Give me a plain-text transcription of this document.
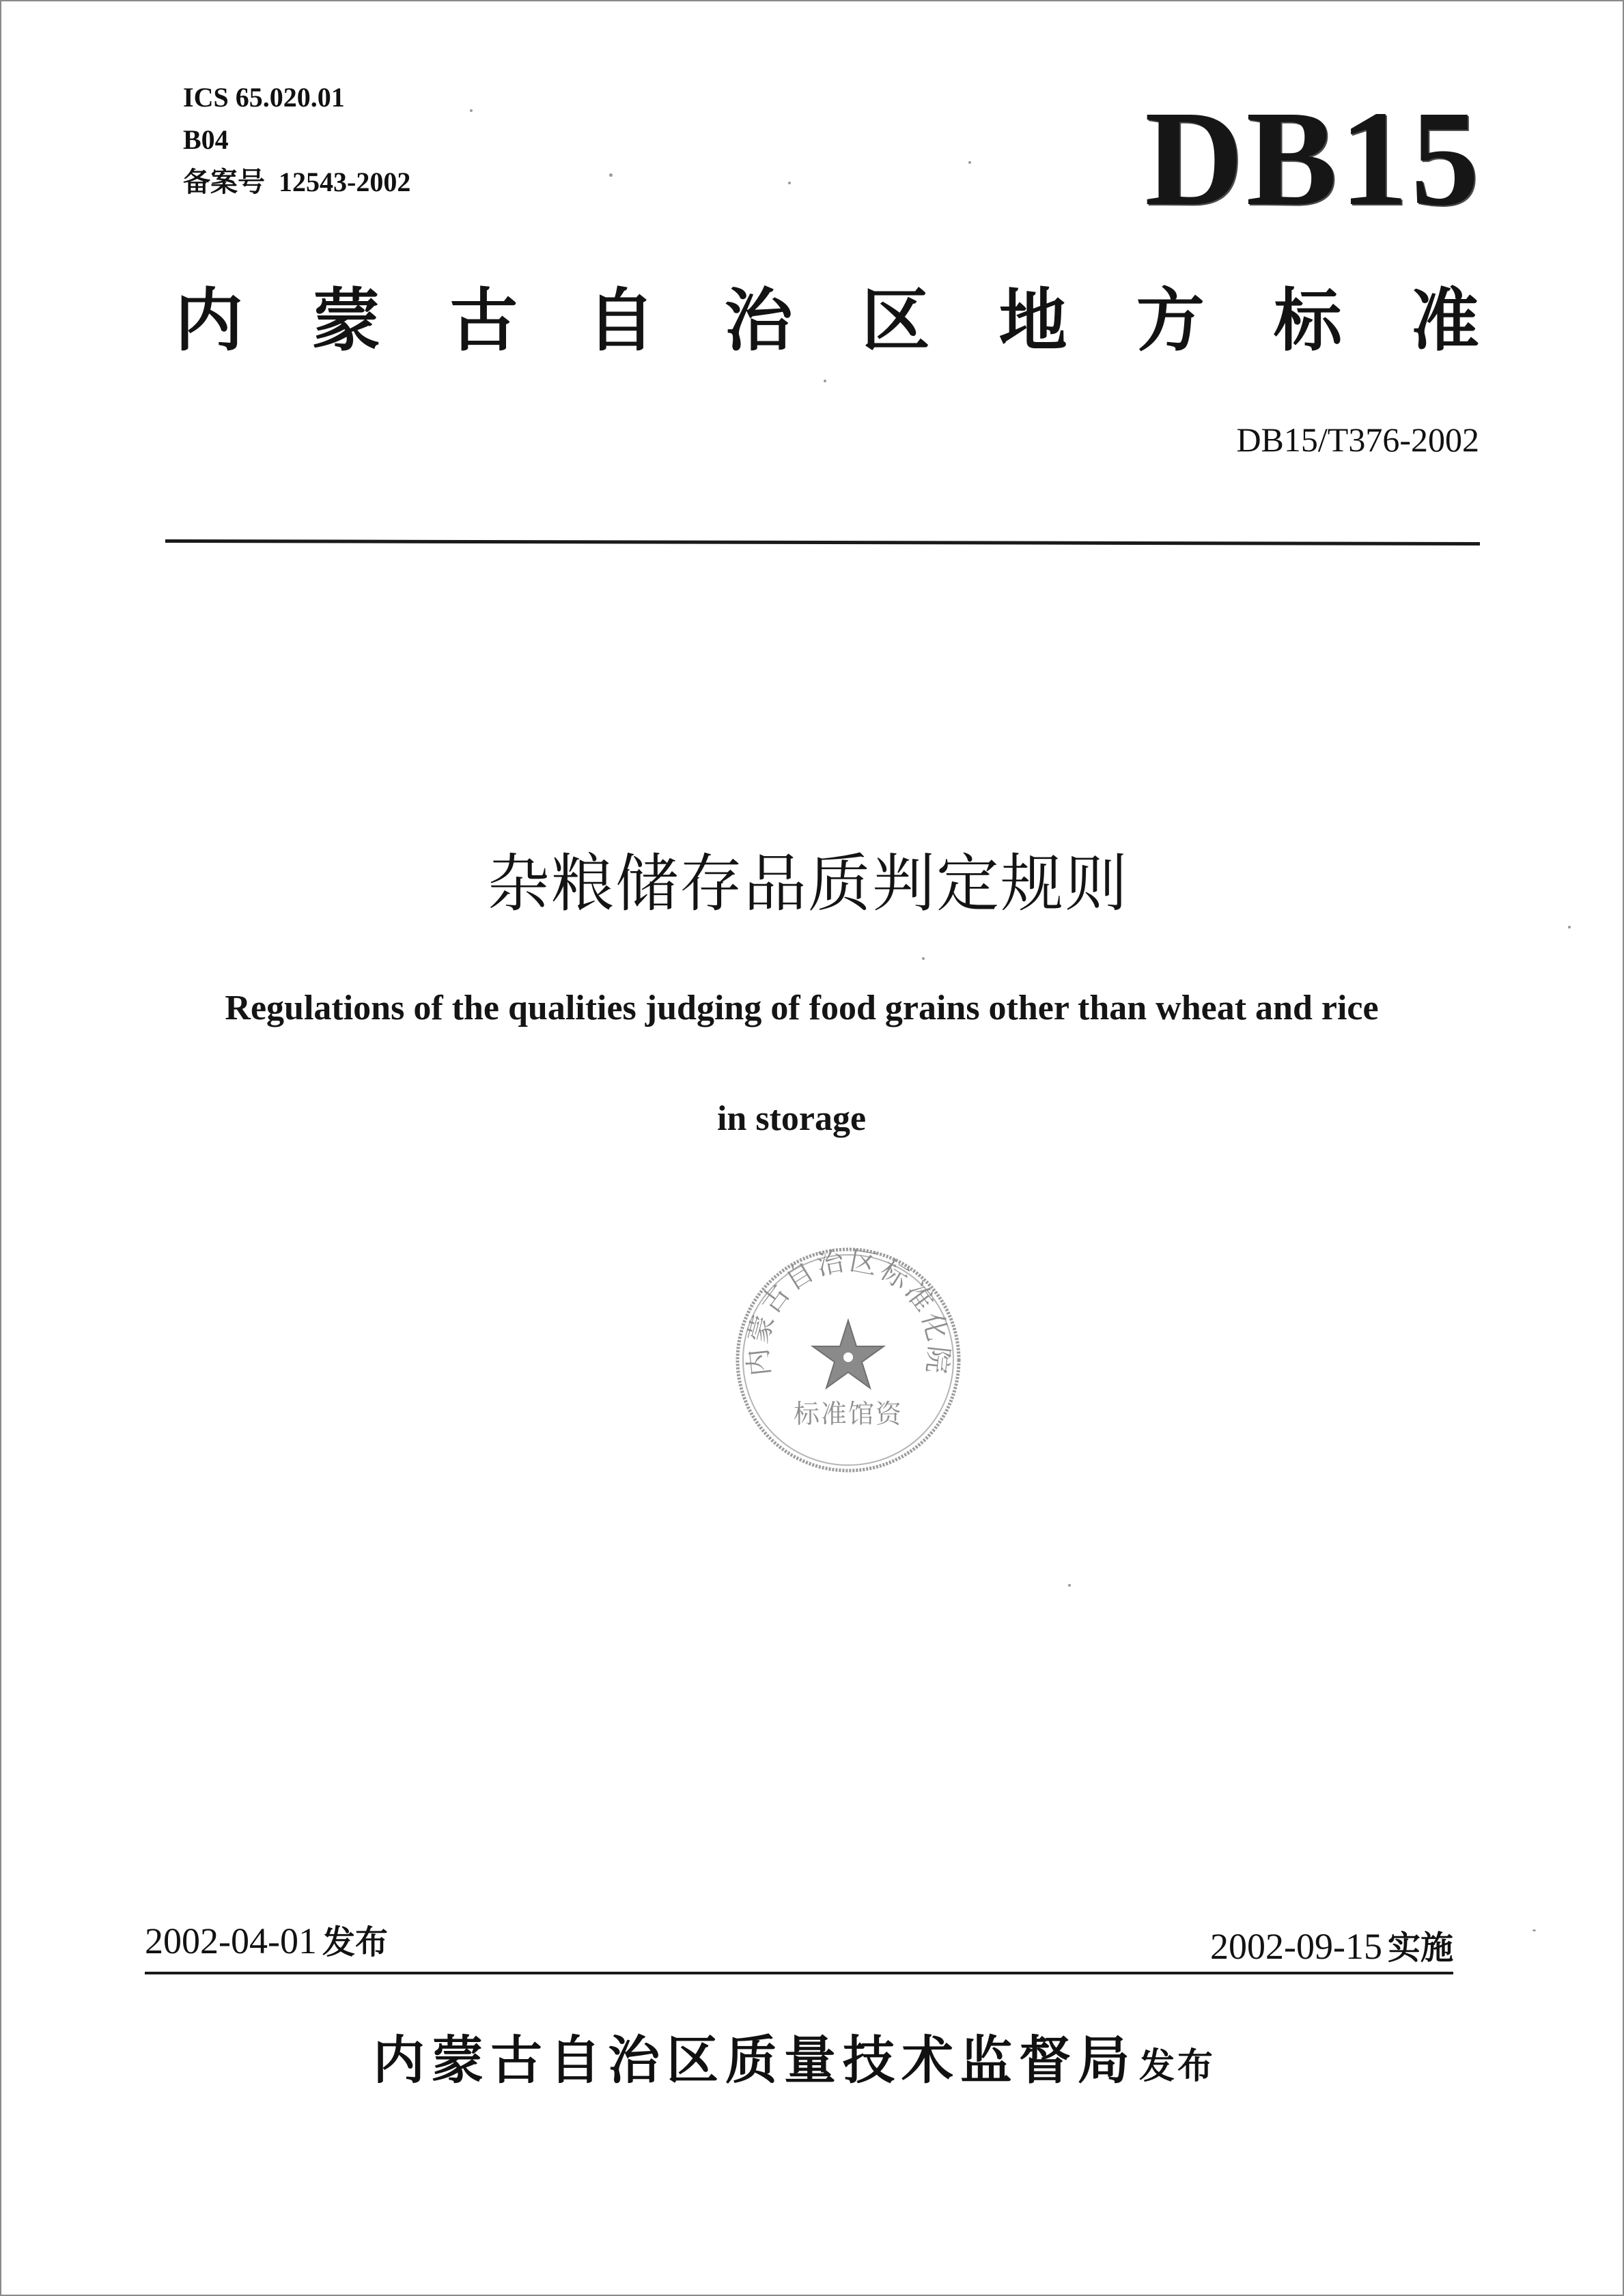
ICS 65.020.01
B04
备案号 12543-2002	DB15
内 蒙 古 自 治 区 地 方 标 准
DB15/T376-2002
杂粮储存品质判定规则
Regulations of the qualities judging of food grains other than wheat and rice
in storage
内蒙古自治区标准化院
标准馆资
2002-04-01 发布	2002-09-15 实施
内蒙古自治区质量技术监督局发布
